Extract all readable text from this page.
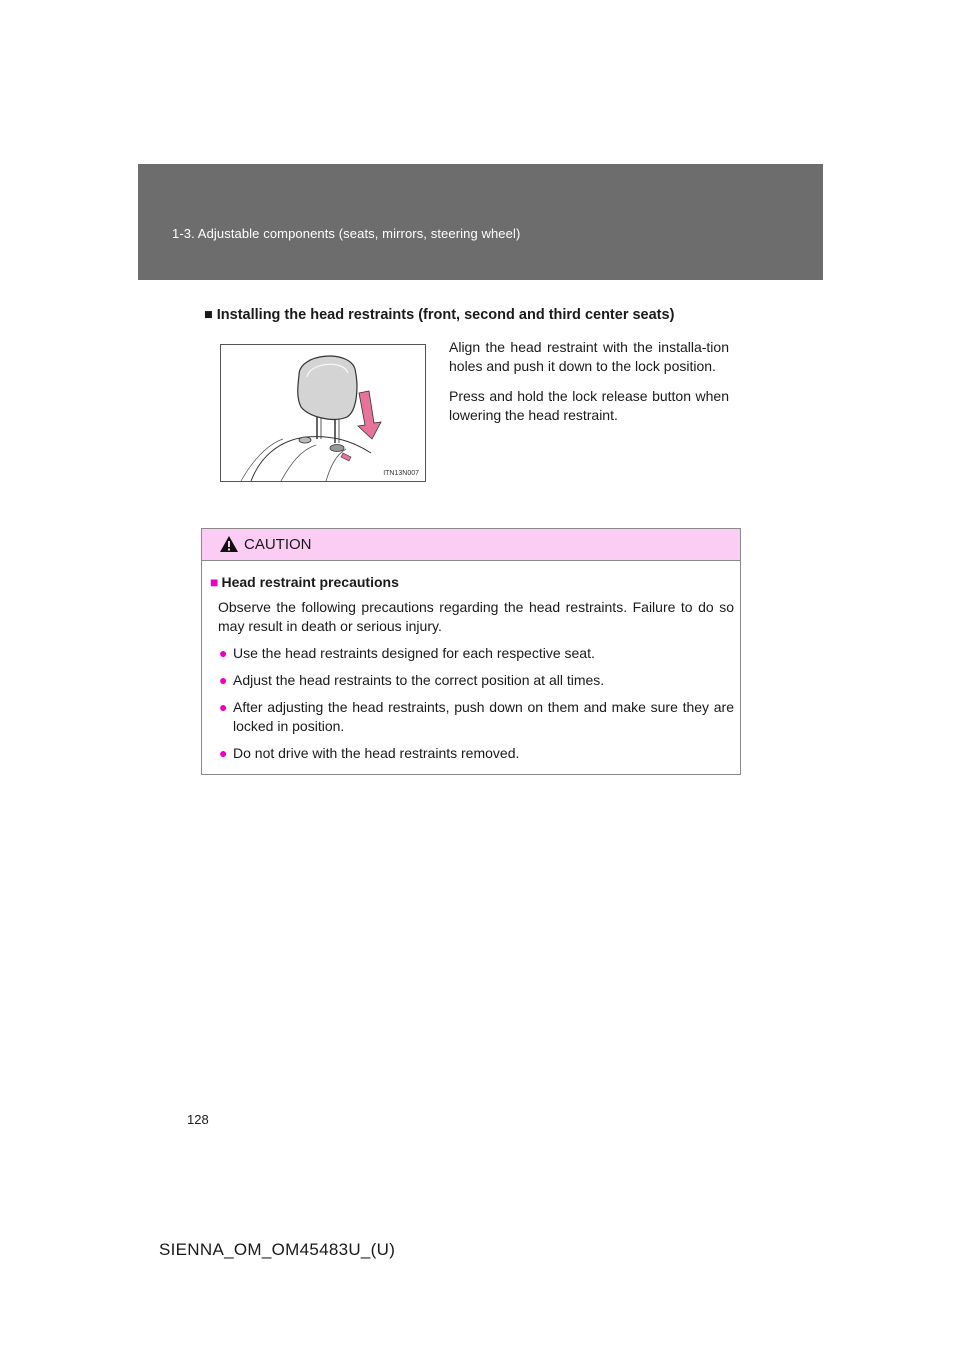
1-3. Adjustable components (seats, mirrors, steering wheel)
■ Installing the head restraints (front, second and third center seats)
ITN13N007

Align the head restraint with the installa-tion holes and push it down to the lock position.

Press and hold the lock release button when lowering the head restraint.

CAUTION
■ Head restraint precautions
Observe the following precautions regarding the head restraints. Failure to do so may result in death or serious injury.
● Use the head restraints designed for each respective seat.
● Adjust the head restraints to the correct position at all times.
● After adjusting the head restraints, push down on them and make sure they are locked in position.
● Do not drive with the head restraints removed.
128
SIENNA_OM_OM45483U_(U)
